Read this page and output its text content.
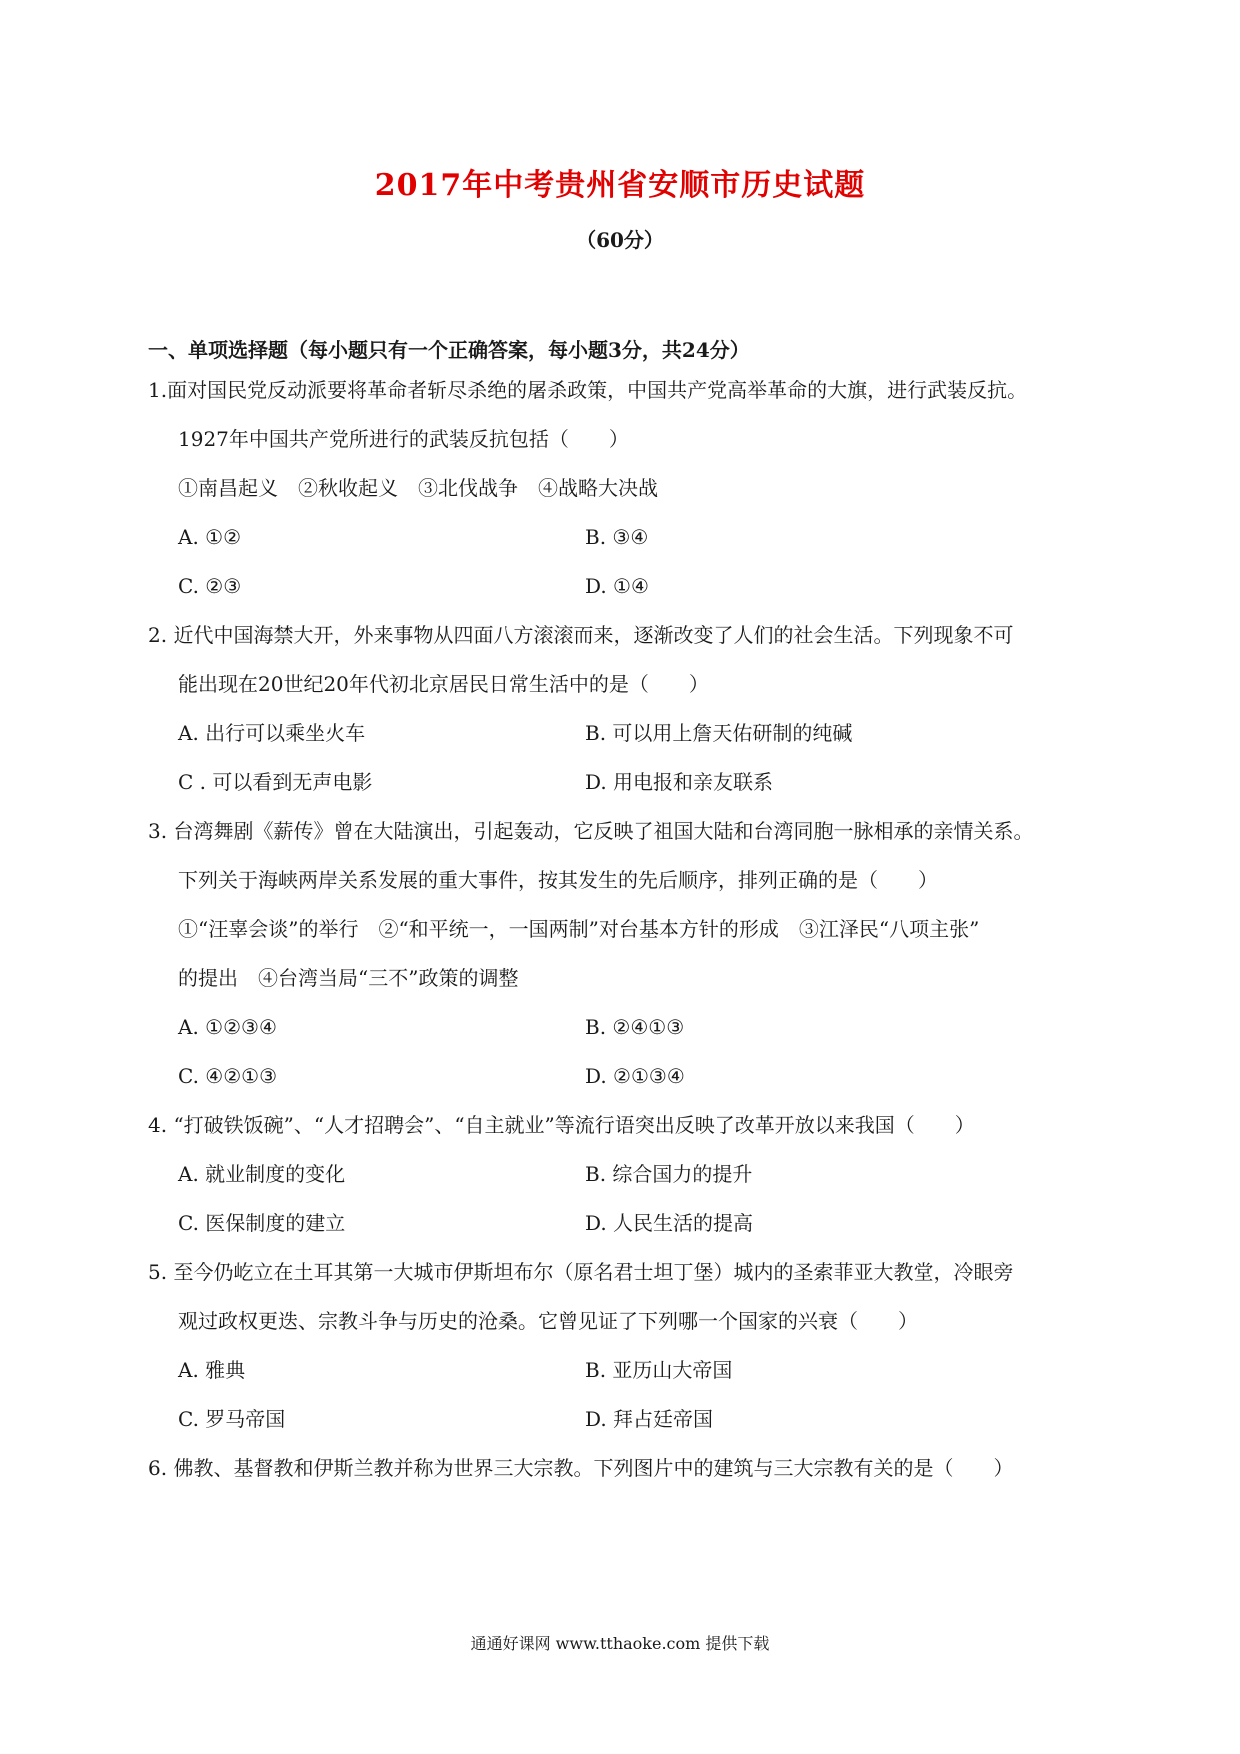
2017年中考贵州省安顺市历史试题
（60分）
一、单项选择题（每小题只有一个正确答案，每小题3分，共24分）
1.面对国民党反动派要将革命者斩尽杀绝的屠杀政策，中国共产党高举革命的大旗，进行武装反抗。
1927年中国共产党所进行的武装反抗包括（　　）
①南昌起义　②秋收起义　③北伐战争　④战略大决战
A. ①②	B. ③④
C. ②③	D. ①④
2. 近代中国海禁大开，外来事物从四面八方滚滚而来，逐渐改变了人们的社会生活。下列现象不可
能出现在20世纪20年代初北京居民日常生活中的是（　　）
A. 出行可以乘坐火车	B. 可以用上詹天佑研制的纯碱
C . 可以看到无声电影	D. 用电报和亲友联系
3. 台湾舞剧《薪传》曾在大陆演出，引起轰动，它反映了祖国大陆和台湾同胞一脉相承的亲情关系。
下列关于海峡两岸关系发展的重大事件，按其发生的先后顺序，排列正确的是（　　）
①“汪辜会谈”的举行　②“和平统一，一国两制”对台基本方针的形成　③江泽民“八项主张”
的提出　④台湾当局“三不”政策的调整
A. ①②③④	B. ②④①③
C. ④②①③	D. ②①③④
4. “打破铁饭碗”、“人才招聘会”、“自主就业”等流行语突出反映了改革开放以来我国（　　）
A. 就业制度的变化	B. 综合国力的提升
C. 医保制度的建立	D. 人民生活的提高
5. 至今仍屹立在土耳其第一大城市伊斯坦布尔（原名君士坦丁堡）城内的圣索菲亚大教堂，冷眼旁
观过政权更迭、宗教斗争与历史的沧桑。它曾见证了下列哪一个国家的兴衰（　　）
A. 雅典	B. 亚历山大帝国
C. 罗马帝国	D. 拜占廷帝国
6. 佛教、基督教和伊斯兰教并称为世界三大宗教。下列图片中的建筑与三大宗教有关的是（　　）
通通好课网 www.tthaoke.com 提供下载
